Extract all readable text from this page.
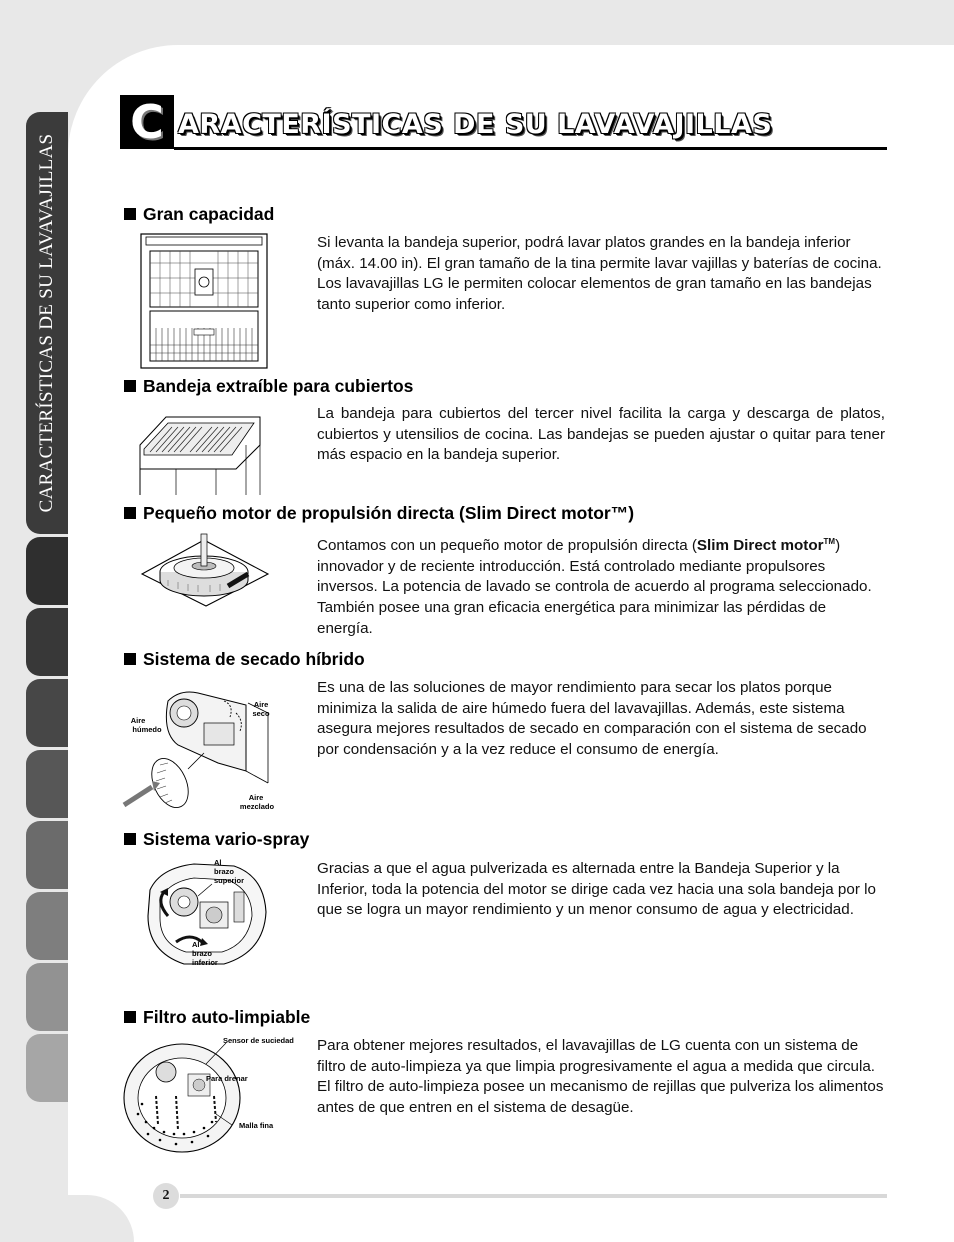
CARACTERÍSTICAS DE SU LAVAVAJILLAS
C ARACTERÍSTICAS DE SU LAVAVAJILLAS
Gran capacidad
Si levanta la bandeja superior, podrá lavar platos grandes en la bandeja inferior (máx. 14.00 in). El gran tamaño de la tina permite lavar vajillas y baterías de cocina. Los lavavajillas LG le permiten colocar elementos de gran tamaño en las bandejas tanto superior como inferior.
Bandeja extraíble para cubiertos
La bandeja para cubiertos del tercer nivel facilita la carga y descarga de platos, cubiertos y utensilios de cocina. Las bandejas se pueden ajustar o quitar para tener más espacio en la bandeja superior.
Pequeño motor de propulsión directa (Slim Direct motor™)
Contamos con un pequeño motor de propulsión directa (Slim Direct motor™) innovador y de reciente introducción. Está controlado mediante propulsores inversos. La potencia de lavado se controla de acuerdo al programa seleccionado. También posee una gran eficacia energética para minimizar las pérdidas de energía.
Sistema de secado híbrido
Aire
húmedo
Aire
seco
Aire
mezclado
Es una de las soluciones de mayor rendimiento para secar los platos porque minimiza la salida de aire húmedo fuera del lavavajillas. Además, este sistema asegura mejores resultados de secado en comparación con el sistema de secado por condensación y a la vez reduce el consumo de energía.
Sistema vario-spray
Al
brazo
superior
Al
brazo
inferior
Gracias a que el agua pulverizada es alternada entre la Bandeja Superior y la Inferior, toda la potencia del motor se dirige cada vez hacia una sola bandeja por lo que se logra un mayor rendimiento y un menor consumo de agua y electricidad.
Filtro auto-limpiable
Sensor de suciedad
Para drenar
Malla fina
Para obtener mejores resultados, el lavavajillas de LG cuenta con un sistema de filtro de auto-limpieza ya que limpia progresivamente el agua a medida que circula. El filtro de auto-limpieza posee un mecanismo de rejillas que pulveriza los alimentos antes de que entren en el sistema de desagüe.
2
